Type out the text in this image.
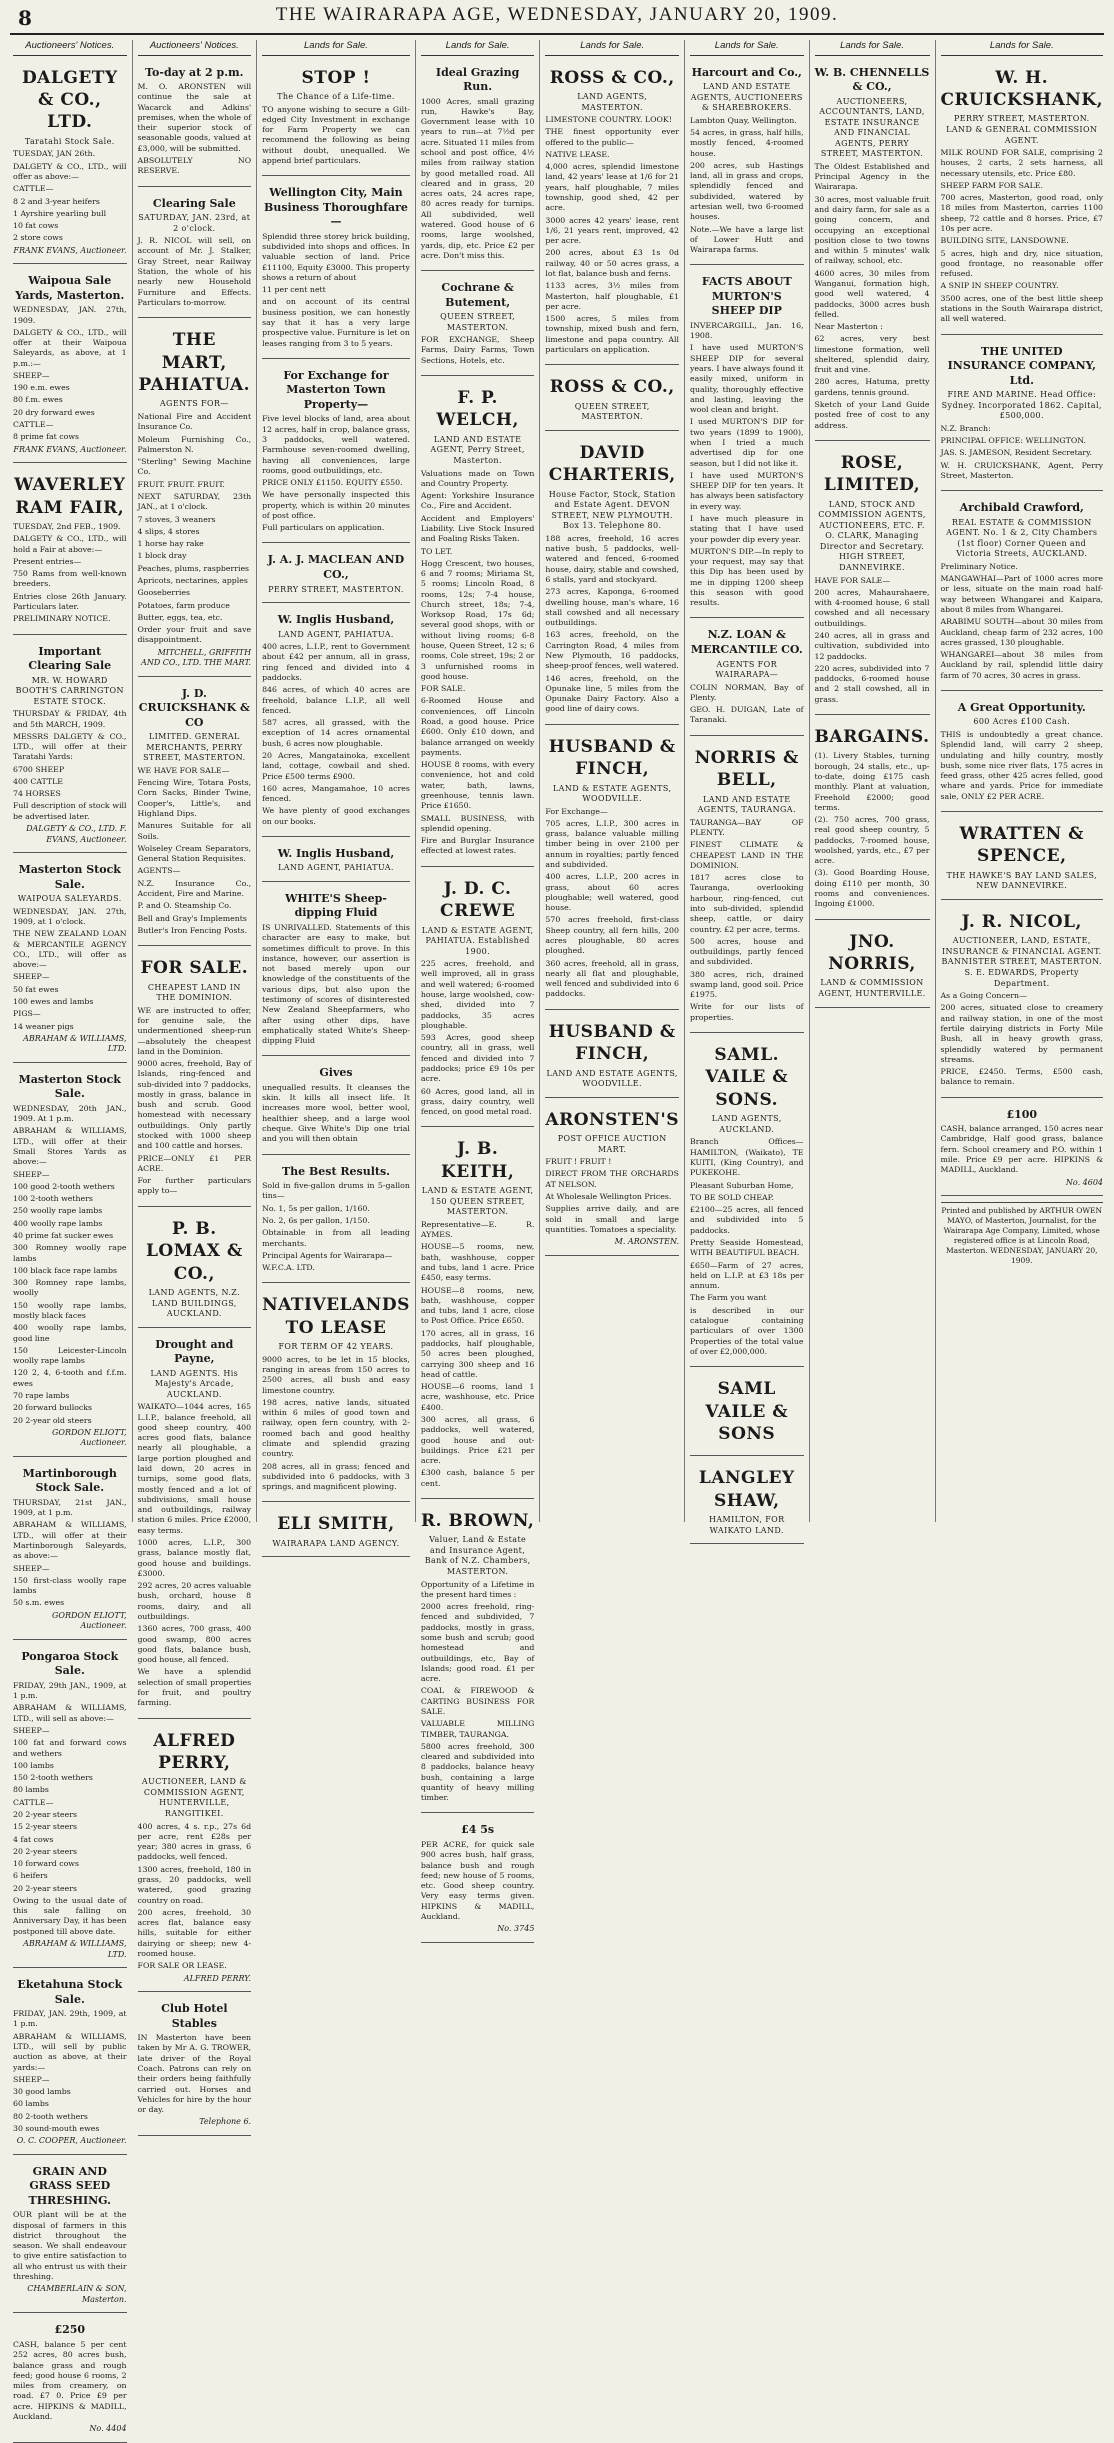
8	THE WAIRARAPA AGE, WEDNESDAY, JANUARY 20, 1909.
Auctioneers' Notices.
DALGETY & CO., LTD.
Taratahi Stock Sale.
TUESDAY, JAN 26th.
DALGETY & CO., LTD., will offer as above:—
CATTLE—
8 2 and 3-year heifers
1 Ayrshire yearling bull
10 fat cows
2 store cows
FRANK EVANS, Auctioneer.
Waipoua Sale Yards, Masterton.
WEDNESDAY, JAN. 27th, 1909.
DALGETY & CO., LTD., will offer at their Waipoua Saleyards, as above, at 1 p.m.:—
SHEEP—
190 e.m. ewes
80 f.m. ewes
20 dry forward ewes
CATTLE—
8 prime fat cows
FRANK EVANS, Auctioneer.
WAVERLEY RAM FAIR,
TUESDAY, 2nd FEB., 1909.
DALGETY & CO., LTD., will hold a Fair at above:—
Present entries—
750 Rams from well-known breeders.
Entries close 26th January. Particulars later.
PRELIMINARY NOTICE.
Important Clearing Sale
MR. W. HOWARD BOOTH'S CARRINGTON ESTATE STOCK.
THURSDAY & FRIDAY, 4th and 5th MARCH, 1909.
MESSRS DALGETY & CO., LTD., will offer at their Taratahi Yards:
6700 SHEEP
400 CATTLE
74 HORSES
Full description of stock will be advertised later.
DALGETY & CO., LTD. F. EVANS, Auctioneer.
Masterton Stock Sale.
WAIPOUA SALEYARDS.
WEDNESDAY, JAN. 27th, 1909, at 1 o'clock.
THE NEW ZEALAND LOAN & MERCANTILE AGENCY CO., LTD., will offer as above:—
SHEEP—
50 fat ewes
100 ewes and lambs
PIGS—
14 weaner pigs
ABRAHAM & WILLIAMS, LTD.
Masterton Stock Sale.
WEDNESDAY, 20th JAN., 1909. At 1 p.m.
ABRAHAM & WILLIAMS, LTD., will offer at their Small Stores Yards as above:—
SHEEP—
100 good 2-tooth wethers
100 2-tooth wethers
250 woolly rape lambs
400 woolly rape lambs
40 prime fat sucker ewes
300 Romney woolly rape lambs
100 black face rape lambs
300 Romney rape lambs, woolly
150 woolly rape lambs, mostly black faces
400 woolly rape lambs, good line
150 Leicester-Lincoln woolly rape lambs
120 2, 4, 6-tooth and f.f.m. ewes
70 rape lambs
20 forward bullocks
20 2-year old steers
GORDON ELIOTT, Auctioneer.
Martinborough Stock Sale.
THURSDAY, 21st JAN., 1909, at 1 p.m.
ABRAHAM & WILLIAMS, LTD., will offer at their Martinborough Saleyards, as above:—
SHEEP—
150 first-class woolly rape lambs
50 s.m. ewes
GORDON ELIOTT, Auctioneer.
Pongaroa Stock Sale.
FRIDAY, 29th JAN., 1909, at 1 p.m.
ABRAHAM & WILLIAMS, LTD., will sell as above:—
SHEEP—
100 fat and forward cows and wethers
100 lambs
150 2-tooth wethers
80 lambs
CATTLE—
20 2-year steers
15 2-year steers
4 fat cows
20 2-year steers
10 forward cows
6 heifers
20 2-year steers
Owing to the usual date of this sale falling on Anniversary Day, it has been postponed till above date.
ABRAHAM & WILLIAMS, LTD.
Eketahuna Stock Sale.
FRIDAY, JAN. 29th, 1909, at 1 p.m.
ABRAHAM & WILLIAMS, LTD., will sell by public auction as above, at their yards:—
SHEEP—
30 good lambs
60 lambs
80 2-tooth wethers
30 sound-mouth ewes
O. C. COOPER, Auctioneer.
GRAIN AND GRASS SEED THRESHING.
OUR plant will be at the disposal of farmers in this district throughout the season. We shall endeavour to give entire satisfaction to all who entrust us with their threshing.
CHAMBERLAIN & SON, Masterton.
£250
CASH, balance 5 per cent 252 acres, 80 acres bush, balance grass and rough feed; good house 6 rooms, 2 miles from creamery, on road. £7 0. Price £9 per acre. HIPKINS & MADILL, Auckland.
No. 4404
Auctioneers' Notices.
To-day at 2 p.m.
M. O. ARONSTEN will continue the sale at Wacarck and Adkins' premises, when the whole of their superior stock of seasonable goods, valued at £3,000, will be submitted.
ABSOLUTELY NO RESERVE.
Clearing Sale
SATURDAY, JAN. 23rd, at 2 o'clock.
J. R. NICOL will sell, on account of Mr. J. Stalker, Gray Street, near Railway Station, the whole of his nearly new Household Furniture and Effects. Particulars to-morrow.
THE MART, PAHIATUA.
AGENTS FOR—
National Fire and Accident Insurance Co.
Moleum Furnishing Co., Palmerston N.
"Sterling" Sewing Machine Co.
FRUIT. FRUIT. FRUIT.
NEXT SATURDAY, 23th JAN., at 1 o'clock.
7 stoves, 3 weaners
4 slips, 4 stores
1 horse hay rake
1 block dray
Peaches, plums, raspberries
Apricots, nectarines, apples
Gooseberries
Potatoes, farm produce
Butter, eggs, tea, etc.
Order your fruit and save disappointment.
MITCHELL, GRIFFITH AND CO., LTD. THE MART.
J. D. CRUICKSHANK & CO
LIMITED. GENERAL MERCHANTS, PERRY STREET, MASTERTON.
WE HAVE FOR SALE—
Fencing Wire, Totara Posts, Corn Sacks, Binder Twine, Cooper's, Little's, and Highland Dips.
Manures Suitable for all Soils.
Wolseley Cream Separators, General Station Requisites.
AGENTS—
N.Z. Insurance Co., Accident, Fire and Marine.
P. and O. Steamship Co.
Bell and Gray's Implements
Butler's Iron Fencing Posts.
FOR SALE.
CHEAPEST LAND IN THE DOMINION.
WE are instructed to offer, for genuine sale, the undermentioned sheep-run—absolutely the cheapest land in the Dominion.
9000 acres, freehold, Bay of Islands, ring-fenced and sub-divided into 7 paddocks, mostly in grass, balance in bush and scrub. Good homestead with necessary outbuildings. Only partly stocked with 1000 sheep and 100 cattle and horses.
PRICE—ONLY £1 PER ACRE.
For further particulars apply to—
P. B. LOMAX & CO.,
LAND AGENTS, N.Z. LAND BUILDINGS, AUCKLAND.
Drought and Payne,
LAND AGENTS. His Majesty's Arcade, AUCKLAND.
WAIKATO—1044 acres, 165 L.I.P., balance freehold, all good sheep country, 400 acres good flats, balance nearly all ploughable, a large portion ploughed and laid down, 20 acres in turnips, some good flats, mostly fenced and a lot of subdivisions, small house and outbuildings, railway station 6 miles. Price £2000, easy terms.
1000 acres, L.I.P., 300 grass, balance mostly flat, good house and buildings. £3000.
292 acres, 20 acres valuable bush, orchard, house 8 rooms, dairy, and all outbuildings.
1360 acres, 700 grass, 400 good swamp, 800 acres good flats, balance bush, good house, all fenced.
We have a splendid selection of small properties for fruit, and poultry farming.
ALFRED PERRY,
AUCTIONEER, LAND & COMMISSION AGENT, HUNTERVILLE, RANGITIKEI.
400 acres, 4 s. r.p., 27s 6d per acre, rent £28s per year; 380 acres in grass, 6 paddocks, well fenced.
1300 acres, freehold, 180 in grass, 20 paddocks, well watered, good grazing country on road.
200 acres, freehold, 30 acres flat, balance easy hills, suitable for either dairying or sheep; new 4-roomed house.
FOR SALE OR LEASE.
ALFRED PERRY.
Club Hotel Stables
IN Masterton have been taken by Mr A. G. TROWER, late driver of the Royal Coach. Patrons can rely on their orders being faithfully carried out. Horses and Vehicles for hire by the hour or day.
Telephone 6.
Lands for Sale.
STOP !
The Chance of a Life-time.
TO anyone wishing to secure a Gilt-edged City Investment in exchange for Farm Property we can recommend the following as being without doubt, unequalled. We append brief particulars.
Wellington City, Main Business Thoroughfare—
Splendid three storey brick building, subdivided into shops and offices. In valuable section of land. Price £11100, Equity £3000. This property shows a return of about
11 per cent nett
and on account of its central business position, we can honestly say that it has a very large prospective value. Furniture is let on leases ranging from 3 to 5 years.
For Exchange for Masterton Town Property—
Five level blocks of land, area about 12 acres, half in crop, balance grass, 3 paddocks, well watered. Farmhouse seven-roomed dwelling, having all conveniences, large rooms, good outbuildings, etc.
PRICE ONLY £1150. EQUITY £550.
We have personally inspected this property, which is within 20 minutes of post office.
Full particulars on application.
J. A. J. MACLEAN AND CO.,
PERRY STREET, MASTERTON.
W. Inglis Husband,
LAND AGENT, PAHIATUA.
400 acres, L.I.P., rent to Government about £42 per annum, all in grass, ring fenced and divided into 4 paddocks.
846 acres, of which 40 acres are freehold, balance L.I.P., all well fenced.
587 acres, all grassed, with the exception of 14 acres ornamental bush, 6 acres now ploughable.
20 Acres, Mangatainoka, excellent land, cottage, cowbail and shed. Price £500 terms £900.
160 acres, Mangamahoe, 10 acres fenced.
We have plenty of good exchanges on our books.
W. Inglis Husband,
LAND AGENT, PAHIATUA.
WHITE'S Sheep-dipping Fluid
IS UNRIVALLED. Statements of this character are easy to make, but sometimes difficult to prove. In this instance, however, our assertion is not based merely upon our knowledge of the constituents of the various dips, but also upon the testimony of scores of disinterested New Zealand Sheepfarmers, who after using other dips, have emphatically stated White's Sheep-dipping Fluid
Gives
unequalled results. It cleanses the skin. It kills all insect life. It increases more wool, better wool, healthier sheep, and a large wool cheque. Give White's Dip one trial and you will then obtain
The Best Results.
Sold in five-gallon drums in 5-gallon tins—
No. 1, 5s per gallon, 1/160.
No. 2, 6s per gallon, 1/150.
Obtainable in from all leading merchants.
Principal Agents for Wairarapa—
W.F.C.A. LTD.
NATIVELANDS TO LEASE
FOR TERM OF 42 YEARS.
9000 acres, to be let in 15 blocks, ranging in areas from 150 acres to 2500 acres, all bush and easy limestone country.
198 acres, native lands, situated within 6 miles of good town and railway, open fern country, with 2-roomed bach and good healthy climate and splendid grazing country.
208 acres, all in grass; fenced and subdivided into 6 paddocks, with 3 springs, and magnificent plowing.
ELI SMITH,
WAIRARAPA LAND AGENCY.
Lands for Sale.
Ideal Grazing Run.
1000 Acres, small grazing run, Hawke's Bay, Government lease with 10 years to run—at 7½d per acre. Situated 11 miles from school and post office, 4½ miles from railway station by good metalled road. All cleared and in grass, 20 acres oats, 24 acres rape, 80 acres ready for turnips. All subdivided, well watered. Good house of 6 rooms, large woolshed, yards, dip, etc. Price £2 per acre. Don't miss this.
Cochrane & Butement,
QUEEN STREET, MASTERTON.
FOR EXCHANGE, Sheep Farms, Dairy Farms, Town Sections, Hotels, etc.
F. P. WELCH,
LAND AND ESTATE AGENT, Perry Street, Masterton.
Valuations made on Town and Country Property.
Agent: Yorkshire Insurance Co., Fire and Accident.
Accident and Employers' Liability. Live Stock Insured and Foaling Risks Taken.
TO LET.
Hogg Crescent, two houses, 6 and 7 rooms; Miriama St, 5 rooms; Lincoln Road, 8 rooms, 12s; 7-4 house, Church street, 18s; 7-4, Worksop Road, 17s 6d; several good shops, with or without living rooms; 6-8 house, Queen Street, 12 s; 6 rooms, Cole street, 19s; 2 or 3 unfurnished rooms in good house.
FOR SALE.
6-Roomed House and conveniences, off Lincoln Road, a good house. Price £600. Only £10 down, and balance arranged on weekly payments.
HOUSE 8 rooms, with every convenience, hot and cold water, bath, lawns, greenhouse, tennis lawn. Price £1650.
SMALL BUSINESS, with splendid opening.
Fire and Burglar Insurance effected at lowest rates.
J. D. C. CREWE
LAND & ESTATE AGENT, PAHIATUA. Established 1900.
225 acres, freehold, and well improved, all in grass and well watered; 6-roomed house, large woolshed, cow-shed, divided into 7 paddocks, 35 acres ploughable.
593 Acres, good sheep country, all in grass, well fenced and divided into 7 paddocks; price £9 10s per acre.
60 Acres, good land, all in grass, dairy country, well fenced, on good metal road.
J. B. KEITH,
LAND & ESTATE AGENT, 150 QUEEN STREET, MASTERTON.
Representative—E. R. AYMES.
HOUSE—5 rooms, new, bath, washhouse, copper and tubs, land 1 acre. Price £450, easy terms.
HOUSE—8 rooms, new, bath, washhouse, copper and tubs, land 1 acre, close to Post Office. Price £650.
170 acres, all in grass, 16 paddocks, half ploughable, 50 acres been ploughed, carrying 300 sheep and 16 head of cattle.
HOUSE—6 rooms, land 1 acre, washhouse, etc. Price £400.
300 acres, all grass, 6 paddocks, well watered, good house and out-buildings. Price £21 per acre.
£300 cash, balance 5 per cent.
R. BROWN,
Valuer, Land & Estate and Insurance Agent, Bank of N.Z. Chambers, MASTERTON.
Opportunity of a Lifetime in the present hard times :
2000 acres freehold, ring-fenced and subdivided, 7 paddocks, mostly in grass, some bush and scrub; good homestead and outbuildings, etc, Bay of Islands; good road. £1 per acre.
COAL & FIREWOOD & CARTING BUSINESS FOR SALE.
VALUABLE MILLING TIMBER, TAURANGA.
5800 acres freehold, 300 cleared and subdivided into 8 paddocks, balance heavy bush, containing a large quantity of heavy milling timber.
£4 5s
PER ACRE, for quick sale 900 acres bush, half grass, balance bush and rough feed; new house of 5 rooms, etc. Good sheep country. Very easy terms given. HIPKINS & MADILL, Auckland.
No. 3745
Lands for Sale.
ROSS & CO.,
LAND AGENTS, MASTERTON.
LIMESTONE COUNTRY. LOOK!
THE finest opportunity ever offered to the public—
NATIVE LEASE.
4,000 acres, splendid limestone land, 42 years' lease at 1/6 for 21 years, half ploughable, 7 miles township, good shed, 42 per acre.
3000 acres 42 years' lease, rent 1/6, 21 years rent, improved, 42 per acre.
200 acres, about £3 1s 0d railway, 40 or 50 acres grass, a lot flat, balance bush and ferns.
1133 acres, 3½ miles from Masterton, half ploughable, £1 per acre.
1500 acres, 5 miles from township, mixed bush and fern, limestone and papa country. All particulars on application.
ROSS & CO.,
QUEEN STREET, MASTERTON.
DAVID CHARTERIS,
House Factor, Stock, Station and Estate Agent. DEVON STREET, NEW PLYMOUTH. Box 13. Telephone 80.
188 acres, freehold, 16 acres native bush, 5 paddocks, well-watered and fenced, 6-roomed house, dairy, stable and cowshed, 6 stalls, yard and stockyard.
273 acres, Kaponga, 6-roomed dwelling house, man's whare, 16 stall cowshed and all necessary outbuildings.
163 acres, freehold, on the Carrington Road, 4 miles from New Plymouth, 16 paddocks, sheep-proof fences, well watered.
146 acres, freehold, on the Opunake line, 5 miles from the Opunake Dairy Factory. Also a good line of dairy cows.
HUSBAND & FINCH,
LAND & ESTATE AGENTS, WOODVILLE.
For Exchange—
705 acres, L.I.P., 300 acres in grass, balance valuable milling timber being in over 2100 per annum in royalties; partly fenced and subdivided.
400 acres, L.I.P., 200 acres in grass, about 60 acres ploughable; well watered, good house.
570 acres freehold, first-class Sheep country, all fern hills, 200 acres ploughable, 80 acres ploughed.
360 acres, freehold, all in grass, nearly all flat and ploughable, well fenced and subdivided into 6 paddocks.
HUSBAND & FINCH,
LAND AND ESTATE AGENTS, WOODVILLE.
ARONSTEN'S
POST OFFICE AUCTION MART.
FRUIT ! FRUIT !
DIRECT FROM THE ORCHARDS AT NELSON.
At Wholesale Wellington Prices.
Supplies arrive daily, and are sold in small and large quantities. Tomatoes a speciality.
M. ARONSTEN.
Lands for Sale.
Harcourt and Co.,
LAND AND ESTATE AGENTS, AUCTIONEERS & SHAREBROKERS.
Lambton Quay, Wellington.
54 acres, in grass, half hills, mostly fenced, 4-roomed house.
200 acres, sub Hastings land, all in grass and crops, splendidly fenced and subdivided, watered by artesian well, two 6-roomed houses.
Note.—We have a large list of Lower Hutt and Wairarapa farms.
FACTS ABOUT MURTON'S SHEEP DIP
INVERCARGILL, Jan. 16, 1908.
I have used MURTON'S SHEEP DIP for several years. I have always found it easily mixed, uniform in quality, thoroughly effective and lasting, leaving the wool clean and bright.
I used MURTON'S DIP for two years (1899 to 1900), when I tried a much advertised dip for one season, but I did not like it.
I have used MURTON'S SHEEP DIP for ten years. It has always been satisfactory in every way.
I have much pleasure in stating that I have used your powder dip every year.
MURTON'S DIP.—In reply to your request, may say that this Dip has been used by me in dipping 1200 sheep this season with good results.
N.Z. LOAN & MERCANTILE CO.
AGENTS FOR WAIRARAPA—
COLIN NORMAN, Bay of Plenty.
GEO. H. DUIGAN, Late of Taranaki.
NORRIS & BELL,
LAND AND ESTATE AGENTS, TAURANGA.
TAURANGA—BAY OF PLENTY.
FINEST CLIMATE & CHEAPEST LAND IN THE DOMINION.
1817 acres close to Tauranga, overlooking harbour, ring-fenced, cut into sub-divided, splendid sheep, cattle, or dairy country. £2 per acre, terms.
500 acres, house and outbuildings, partly fenced and subdivided.
380 acres, rich, drained swamp land, good soil. Price £1975.
Write for our lists of properties.
SAML. VAILE & SONS.
LAND AGENTS, AUCKLAND.
Branch Offices—HAMILTON, (Waikato), TE KUITI, (King Country), and PUKEKOHE.
Pleasant Suburban Home,
TO BE SOLD CHEAP.
£2100—25 acres, all fenced and subdivided into 5 paddocks.
Pretty Seaside Homestead, WITH BEAUTIFUL BEACH.
£650—Farm of 27 acres, held on L.I.P. at £3 18s per annum.
The Farm you want
is described in our catalogue containing particulars of over 1300 Properties of the total value of over £2,000,000.
SAML VAILE & SONS
LANGLEY SHAW,
HAMILTON, FOR WAIKATO LAND.
Lands for Sale.
W. B. CHENNELLS & CO.,
AUCTIONEERS, ACCOUNTANTS, LAND, ESTATE INSURANCE AND FINANCIAL AGENTS, PERRY STREET, MASTERTON.
The Oldest Established and Principal Agency in the Wairarapa.
30 acres, most valuable fruit and dairy farm, for sale as a going concern, and occupying an exceptional position close to two towns and within 5 minutes' walk of railway, school, etc.
4600 acres, 30 miles from Wanganui, formation high, good well watered, 4 paddocks, 3000 acres bush felled.
Near Masterton :
62 acres, very best limestone formation, well sheltered, splendid dairy, fruit and vine.
280 acres, Hatuma, pretty gardens, tennis ground.
Sketch of your Land Guide posted free of cost to any address.
ROSE, LIMITED,
LAND, STOCK AND COMMISSION AGENTS, AUCTIONEERS, ETC. F. O. CLARK, Managing Director and Secretary. HIGH STREET, DANNEVIRKE.
HAVE FOR SALE—
200 acres, Mahaurahaere, with 4-roomed house, 6 stall cowshed and all necessary outbuildings.
240 acres, all in grass and cultivation, subdivided into 12 paddocks.
220 acres, subdivided into 7 paddocks, 6-roomed house and 2 stall cowshed, all in grass.
BARGAINS.
(1). Livery Stables, turning borough, 24 stalls, etc., up-to-date, doing £175 cash monthly. Plant at valuation, Freehold £2000; good terms.
(2). 750 acres, 700 grass, real good sheep country, 5 paddocks, 7-roomed house, woolshed, yards, etc., £7 per acre.
(3). Good Boarding House, doing £110 per month, 30 rooms and conveniences. Ingoing £1000.
JNO. NORRIS,
LAND & COMMISSION AGENT, HUNTERVILLE.
Lands for Sale.
W. H. CRUICKSHANK,
PERRY STREET, MASTERTON. LAND & GENERAL COMMISSION AGENT.
MILK ROUND FOR SALE, comprising 2 houses, 2 carts, 2 sets harness, all necessary utensils, etc. Price £80.
SHEEP FARM FOR SALE.
700 acres, Masterton, good road, only 18 miles from Masterton, carries 1100 sheep, 72 cattle and 8 horses. Price, £7 10s per acre.
BUILDING SITE, LANSDOWNE.
5 acres, high and dry, nice situation, good frontage, no reasonable offer refused.
A SNIP IN SHEEP COUNTRY.
3500 acres, one of the best little sheep stations in the South Wairarapa district, all well watered.
THE UNITED INSURANCE COMPANY, Ltd.
FIRE AND MARINE. Head Office: Sydney. Incorporated 1862. Capital, £500,000.
N.Z. Branch:
PRINCIPAL OFFICE: WELLINGTON.
JAS. S. JAMESON, Resident Secretary.
W. H. CRUICKSHANK, Agent, Perry Street, Masterton.
Archibald Crawford,
REAL ESTATE & COMMISSION AGENT. No. 1 & 2, City Chambers (1st floor) Corner Queen and Victoria Streets, AUCKLAND.
Preliminary Notice.
MANGAWHAI—Part of 1000 acres more or less, situate on the main road half-way between Whangarei and Kaipara, about 8 miles from Whangarei.
ARABIMU SOUTH—about 30 miles from Auckland, cheap farm of 232 acres, 100 acres grassed, 130 ploughable.
WHANGAREI—about 38 miles from Auckland by rail, splendid little dairy farm of 70 acres, 30 acres in grass.
A Great Opportunity.
600 Acres £100 Cash.
THIS is undoubtedly a great chance. Splendid land, will carry 2 sheep, undulating and hilly country, mostly bush, some nice river flats, 175 acres in feed grass, other 425 acres felled, good whare and yards. Price for immediate sale, ONLY £2 PER ACRE.
WRATTEN & SPENCE,
THE HAWKE'S BAY LAND SALES, NEW DANNEVIRKE.
J. R. NICOL,
AUCTIONEER, LAND, ESTATE, INSURANCE & FINANCIAL AGENT. BANNISTER STREET, MASTERTON. S. E. EDWARDS, Property Department.
As a Going Concern—
200 acres, situated close to creamery and railway station, in one of the most fertile dairying districts in Forty Mile Bush, all in heavy growth grass, splendidly watered by permanent streams.
PRICE, £2450. Terms, £500 cash, balance to remain.
£100
CASH, balance arranged, 150 acres near Cambridge, Half good grass, balance fern. School creamery and P.O. within 1 mile. Price £9 per acre. HIPKINS & MADILL, Auckland.
No. 4604
Printed and published by ARTHUR OWEN MAYO, of Masterton, Journalist, for the Wairarapa Age Company, Limited, whose registered office is at Lincoln Road, Masterton. WEDNESDAY, JANUARY 20, 1909.
